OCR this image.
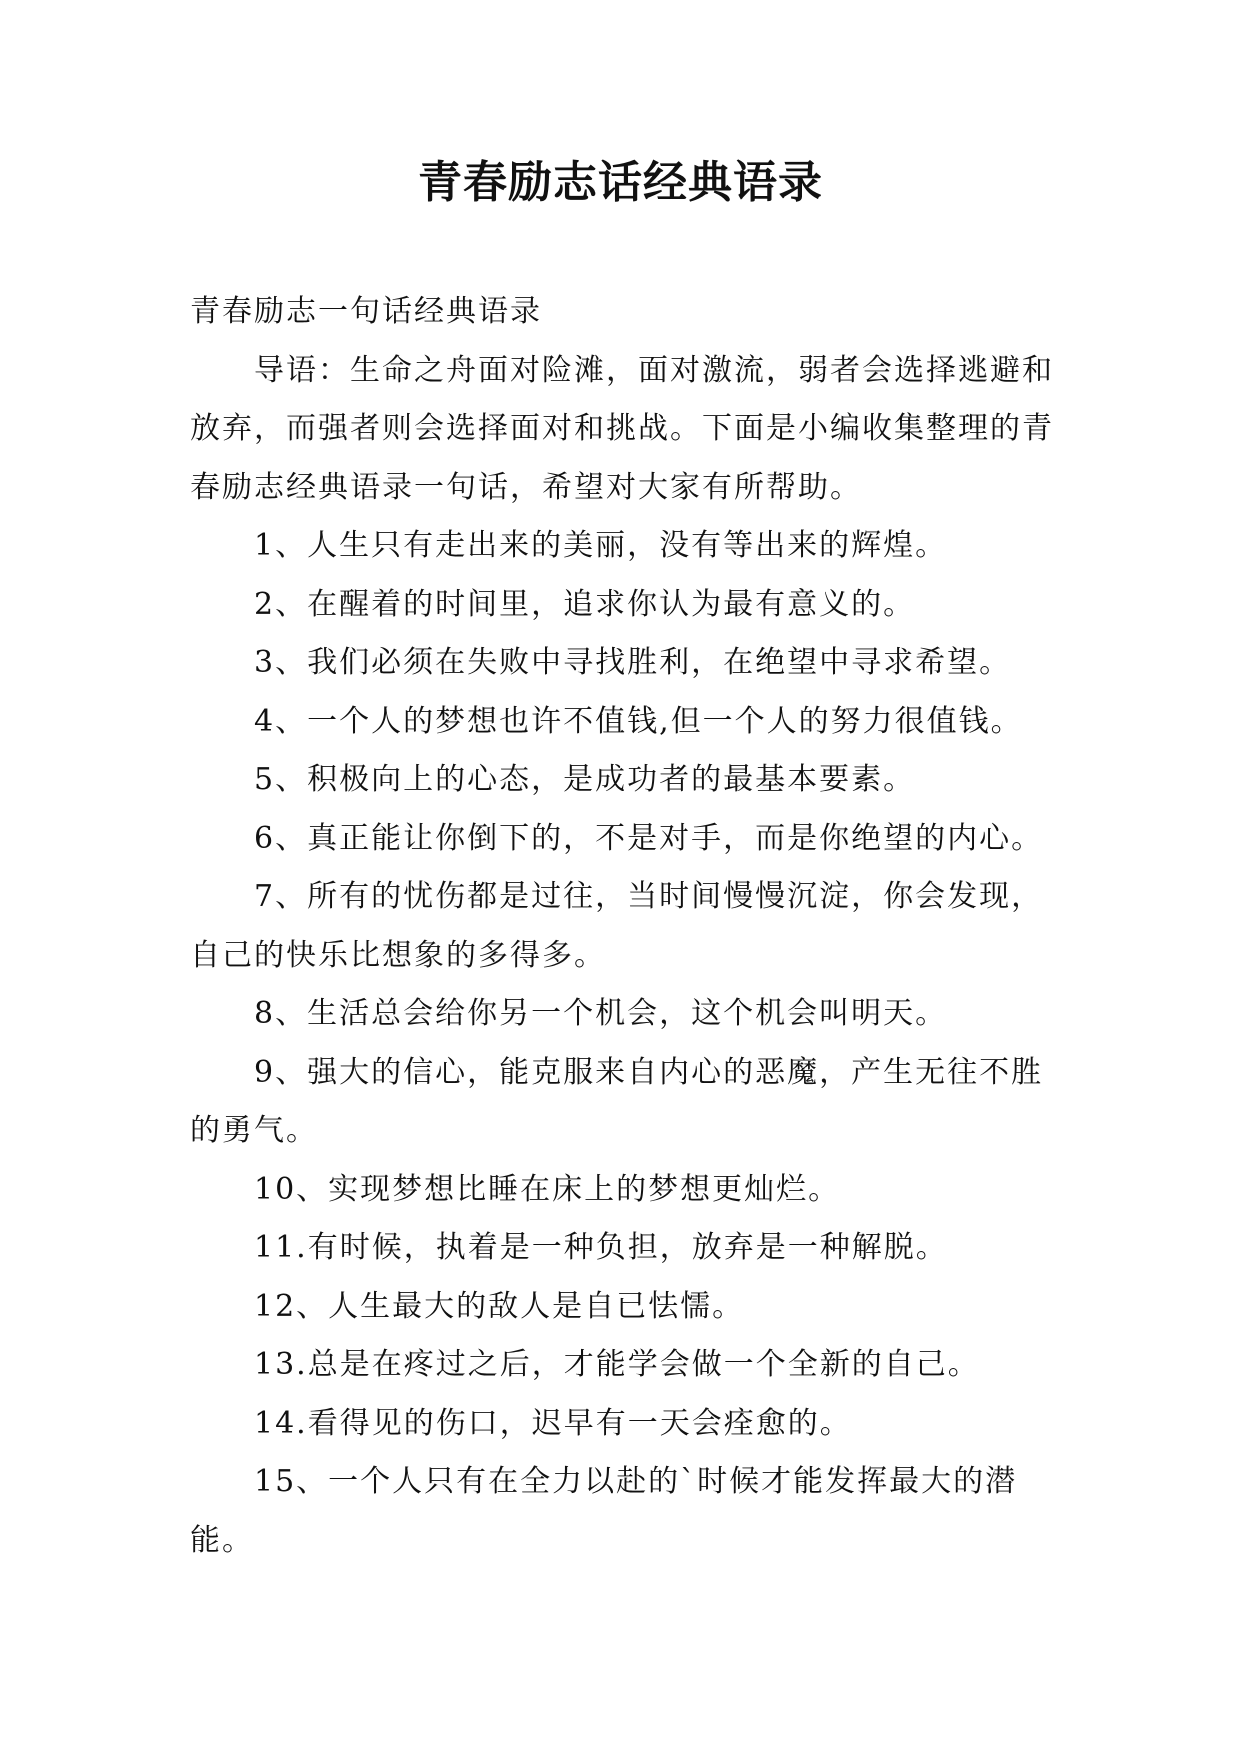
青春励志话经典语录

青春励志一句话经典语录

导语：生命之舟面对险滩，面对激流，弱者会选择逃避和放弃，而强者则会选择面对和挑战。下面是小编收集整理的青春励志经典语录一句话，希望对大家有所帮助。

1、人生只有走出来的美丽，没有等出来的辉煌。

2、在醒着的时间里，追求你认为最有意义的。

3、我们必须在失败中寻找胜利，在绝望中寻求希望。

4、一个人的梦想也许不值钱,但一个人的努力很值钱。

5、积极向上的心态，是成功者的最基本要素。

6、真正能让你倒下的，不是对手，而是你绝望的内心。

7、所有的忧伤都是过往，当时间慢慢沉淀，你会发现，自己的快乐比想象的多得多。

8、生活总会给你另一个机会，这个机会叫明天。

9、强大的信心，能克服来自内心的恶魔，产生无往不胜的勇气。

10、实现梦想比睡在床上的梦想更灿烂。

11.有时候，执着是一种负担，放弃是一种解脱。

12、人生最大的敌人是自已怯懦。

13.总是在疼过之后，才能学会做一个全新的自己。

14.看得见的伤口，迟早有一天会痊愈的。

15、一个人只有在全力以赴的`时候才能发挥最大的潜能。
